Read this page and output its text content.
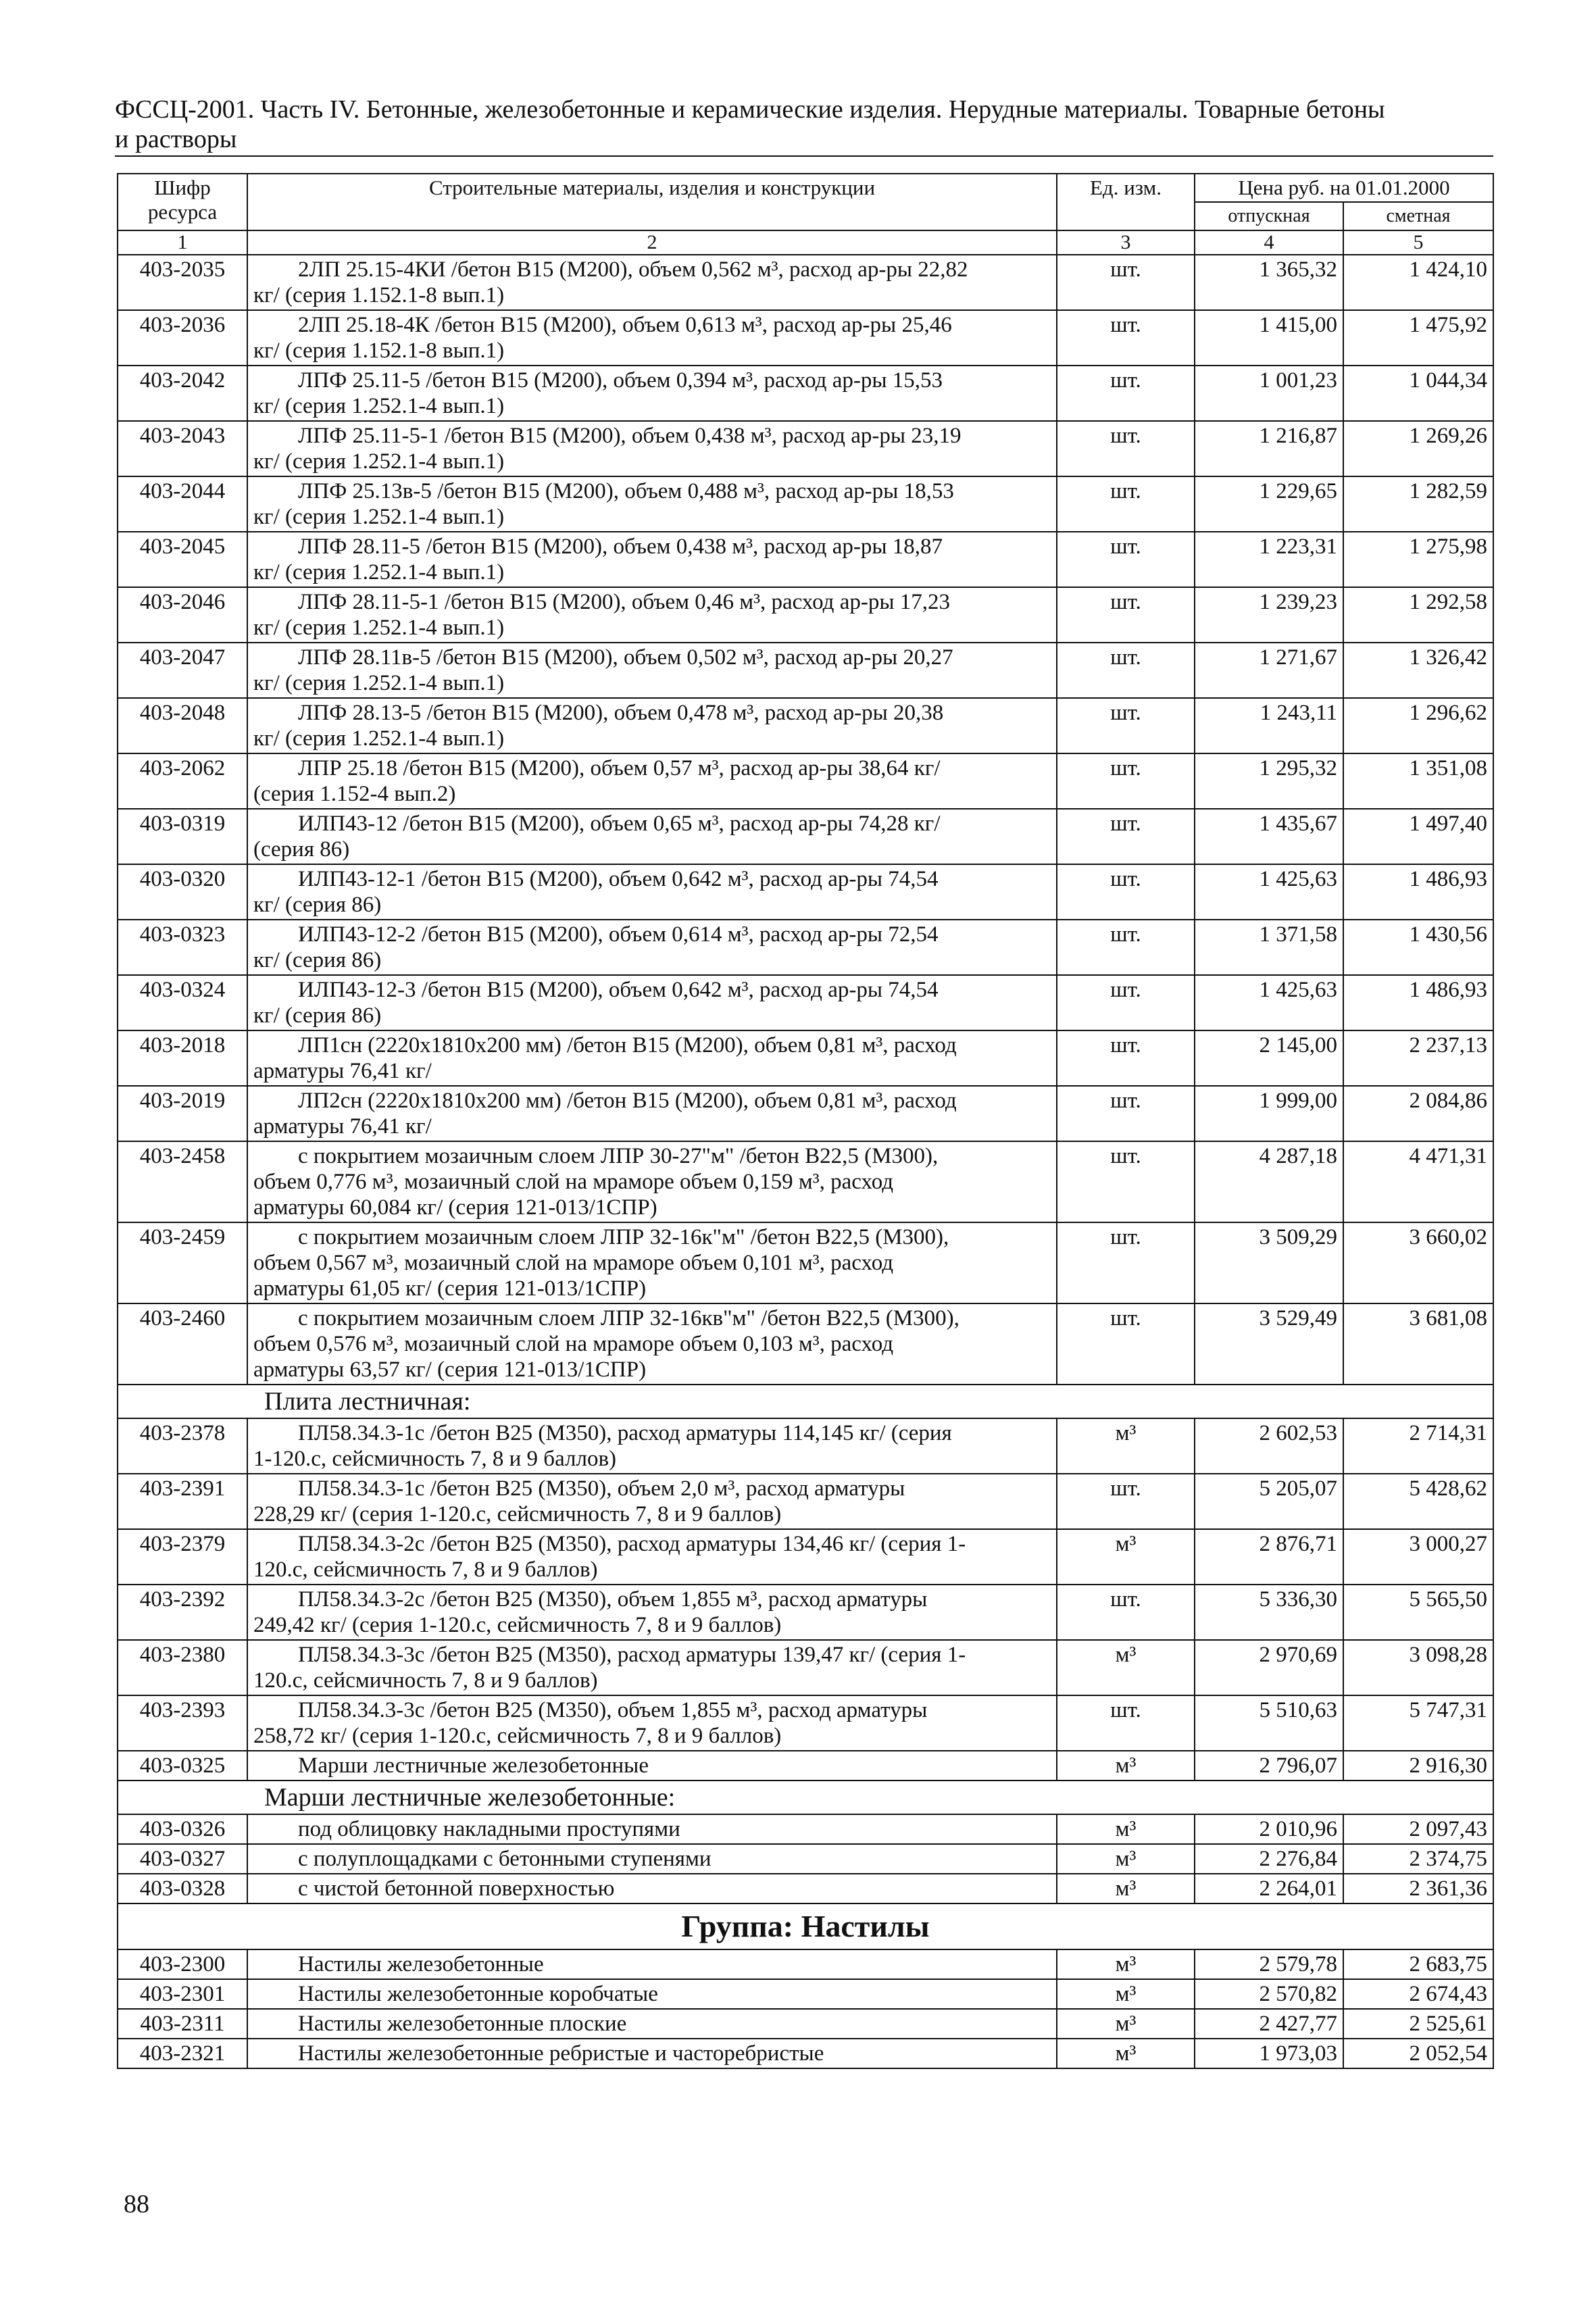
ФССЦ-2001. Часть IV. Бетонные, железобетонные и керамические изделия. Нерудные материалы. Товарные бетоны
и растворы
Шифр ресурса	Строительные материалы, изделия и конструкции	Ед. изм.	Цена руб. на 01.01.2000	
			отпускная	сметная
1	2	3	4	5
403-2035	2ЛП 25.15-4КИ /бетон В15 (М200), объем 0,562 м³, расход ар-ры 22,82
кг/ (серия 1.152.1-8 вып.1)	шт.	1 365,32	1 424,10
403-2036	2ЛП 25.18-4К /бетон В15 (М200), объем 0,613 м³, расход ар-ры 25,46
кг/ (серия 1.152.1-8 вып.1)	шт.	1 415,00	1 475,92
403-2042	ЛПФ 25.11-5 /бетон В15 (М200), объем 0,394 м³, расход ар-ры 15,53
кг/ (серия 1.252.1-4 вып.1)	шт.	1 001,23	1 044,34
403-2043	ЛПФ 25.11-5-1 /бетон В15 (М200), объем 0,438 м³, расход ар-ры 23,19
кг/ (серия 1.252.1-4 вып.1)	шт.	1 216,87	1 269,26
403-2044	ЛПФ 25.13в-5 /бетон В15 (М200), объем 0,488 м³, расход ар-ры 18,53
кг/ (серия 1.252.1-4 вып.1)	шт.	1 229,65	1 282,59
403-2045	ЛПФ 28.11-5 /бетон В15 (М200), объем 0,438 м³, расход ар-ры 18,87
кг/ (серия 1.252.1-4 вып.1)	шт.	1 223,31	1 275,98
403-2046	ЛПФ 28.11-5-1 /бетон В15 (М200), объем 0,46 м³, расход ар-ры 17,23
кг/ (серия 1.252.1-4 вып.1)	шт.	1 239,23	1 292,58
403-2047	ЛПФ 28.11в-5 /бетон В15 (М200), объем 0,502 м³, расход ар-ры 20,27
кг/ (серия 1.252.1-4 вып.1)	шт.	1 271,67	1 326,42
403-2048	ЛПФ 28.13-5 /бетон В15 (М200), объем 0,478 м³, расход ар-ры 20,38
кг/ (серия 1.252.1-4 вып.1)	шт.	1 243,11	1 296,62
403-2062	ЛПР 25.18 /бетон В15 (М200), объем 0,57 м³, расход ар-ры 38,64 кг/
(серия 1.152-4 вып.2)	шт.	1 295,32	1 351,08
403-0319	ИЛП43-12 /бетон В15 (М200), объем 0,65 м³, расход ар-ры 74,28 кг/
(серия 86)	шт.	1 435,67	1 497,40
403-0320	ИЛП43-12-1 /бетон В15 (М200), объем 0,642 м³, расход ар-ры 74,54
кг/ (серия 86)	шт.	1 425,63	1 486,93
403-0323	ИЛП43-12-2 /бетон В15 (М200), объем 0,614 м³, расход ар-ры 72,54
кг/ (серия 86)	шт.	1 371,58	1 430,56
403-0324	ИЛП43-12-3 /бетон В15 (М200), объем 0,642 м³, расход ар-ры 74,54
кг/ (серия 86)	шт.	1 425,63	1 486,93
403-2018	ЛП1сн (2220х1810х200 мм) /бетон В15 (М200), объем 0,81 м³, расход
арматуры 76,41 кг/	шт.	2 145,00	2 237,13
403-2019	ЛП2сн (2220х1810х200 мм) /бетон В15 (М200), объем 0,81 м³, расход
арматуры 76,41 кг/	шт.	1 999,00	2 084,86
403-2458	с покрытием мозаичным слоем ЛПР 30-27"м" /бетон В22,5 (М300),
объем 0,776 м³, мозаичный слой на мраморе объем 0,159 м³, расход
арматуры 60,084 кг/ (серия 121-013/1СПР)	шт.	4 287,18	4 471,31
403-2459	с покрытием мозаичным слоем ЛПР 32-16к"м" /бетон В22,5 (М300),
объем 0,567 м³, мозаичный слой на мраморе объем 0,101 м³, расход
арматуры 61,05 кг/ (серия 121-013/1СПР)	шт.	3 509,29	3 660,02
403-2460	с покрытием мозаичным слоем ЛПР 32-16кв"м" /бетон В22,5 (М300),
объем 0,576 м³, мозаичный слой на мраморе объем 0,103 м³, расход
арматуры 63,57 кг/ (серия 121-013/1СПР)	шт.	3 529,49	3 681,08
Плита лестничная:				
403-2378	ПЛ58.34.3-1с /бетон В25 (М350), расход арматуры 114,145 кг/ (серия
1-120.с, сейсмичность 7, 8 и 9 баллов)	м³	2 602,53	2 714,31
403-2391	ПЛ58.34.3-1с /бетон В25 (М350), объем 2,0 м³, расход арматуры
228,29 кг/ (серия 1-120.с, сейсмичность 7, 8 и 9 баллов)	шт.	5 205,07	5 428,62
403-2379	ПЛ58.34.3-2с /бетон В25 (М350), расход арматуры 134,46 кг/ (серия 1-
120.с, сейсмичность 7, 8 и 9 баллов)	м³	2 876,71	3 000,27
403-2392	ПЛ58.34.3-2с /бетон В25 (М350), объем 1,855 м³, расход арматуры
249,42 кг/ (серия 1-120.с, сейсмичность 7, 8 и 9 баллов)	шт.	5 336,30	5 565,50
403-2380	ПЛ58.34.3-3с /бетон В25 (М350), расход арматуры 139,47 кг/ (серия 1-
120.с, сейсмичность 7, 8 и 9 баллов)	м³	2 970,69	3 098,28
403-2393	ПЛ58.34.3-3с /бетон В25 (М350), объем 1,855 м³, расход арматуры
258,72 кг/ (серия 1-120.с, сейсмичность 7, 8 и 9 баллов)	шт.	5 510,63	5 747,31
403-0325	Марши лестничные железобетонные	м³	2 796,07	2 916,30
Марши лестничные железобетонные:				
403-0326	под облицовку накладными проступями	м³	2 010,96	2 097,43
403-0327	с полуплощадками с бетонными ступенями	м³	2 276,84	2 374,75
403-0328	с чистой бетонной поверхностью	м³	2 264,01	2 361,36
Группа: Настилы				
403-2300	Настилы железобетонные	м³	2 579,78	2 683,75
403-2301	Настилы железобетонные коробчатые	м³	2 570,82	2 674,43
403-2311	Настилы железобетонные плоские	м³	2 427,77	2 525,61
403-2321	Настилы железобетонные ребристые и часторебристые	м³	1 973,03	2 052,54
88
